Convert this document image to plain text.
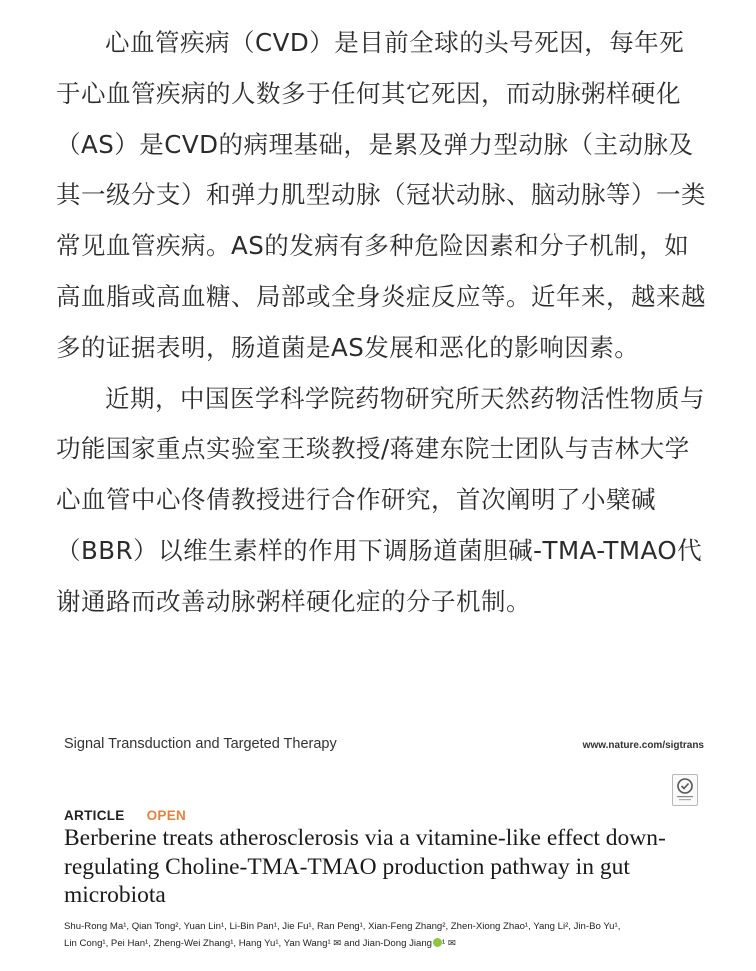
心血管疾病（CVD）是目前全球的头号死因，每年死于心血管疾病的人数多于任何其它死因，而动脉粥样硬化（AS）是CVD的病理基础，是累及弹力型动脉（主动脉及其一级分支）和弹力肌型动脉（冠状动脉、脑动脉等）一类常见血管疾病。AS的发病有多种危险因素和分子机制，如高血脂或高血糖、局部或全身炎症反应等。近年来，越来越多的证据表明，肠道菌是AS发展和恶化的影响因素。

近期，中国医学科学院药物研究所天然药物活性物质与功能国家重点实验室王琰教授/蒋建东院士团队与吉林大学心血管中心佟倩教授进行合作研究，首次阐明了小檗碱（BBR）以维生素样的作用下调肠道菌胆碱-TMA-TMAO代谢通路而改善动脉粥样硬化症的分子机制。

Signal Transduction and Targeted Therapy	www.nature.com/sigtrans
ARTICLE OPEN
Berberine treats atherosclerosis via a vitamine-like effect down-regulating Choline-TMA-TMAO production pathway in gut microbiota

Shu-Rong Ma¹, Qian Tong², Yuan Lin¹, Li-Bin Pan¹, Jie Fu¹, Ran Peng¹, Xian-Feng Zhang², Zhen-Xiong Zhao¹, Yang Li², Jin-Bo Yu¹,
Lin Cong¹, Pei Han¹, Zheng-Wei Zhang¹, Hang Yu¹, Yan Wang¹ ✉ and Jian-Dong Jiang ¹ ✉
